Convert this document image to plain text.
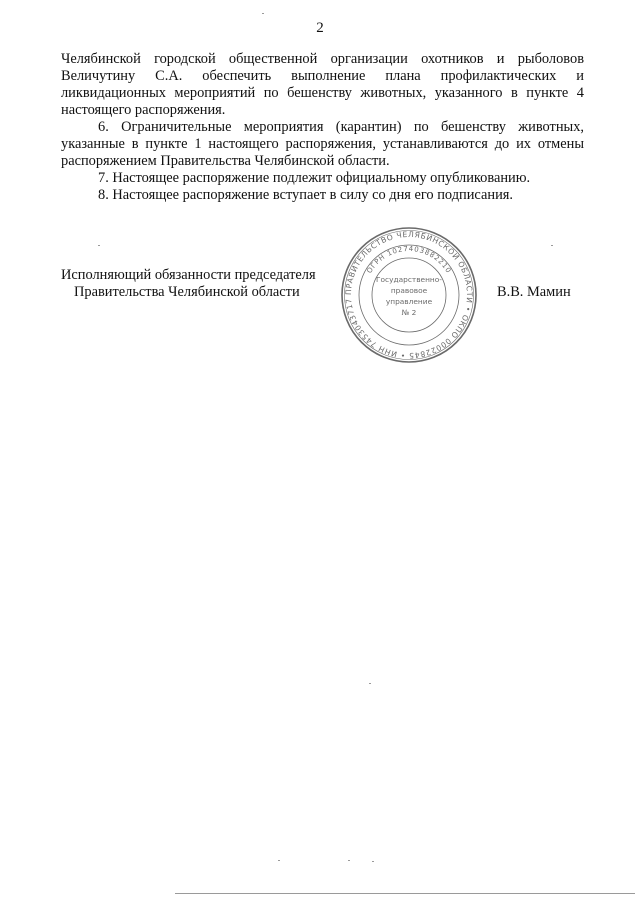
2

Челябинской городской общественной организации охотников и рыболовов Величутину С.А. обеспечить выполнение плана профилактических и ликвидационных мероприятий по бешенству животных, указанного в пункте 4 настоящего распоряжения.

6. Ограничительные мероприятия (карантин) по бешенству животных, указанные в пункте 1 настоящего распоряжения, устанавливаются до их отмены распоряжением Правительства Челябинской области.

7. Настоящее распоряжение подлежит официальному опубликованию.

8. Настоящее распоряжение вступает в силу со дня его подписания.

Исполняющий обязанности председателя
Правительства Челябинской области	ПРАВИТЕЛЬСТВО ЧЕЛЯБИНСКОЙ ОБЛАСТИ • ОКПО 00022845 • ИНН 7453043717
ОГРН 1027403882210
Государственно-
правовое
управление
№ 2
В.В. Мамин
